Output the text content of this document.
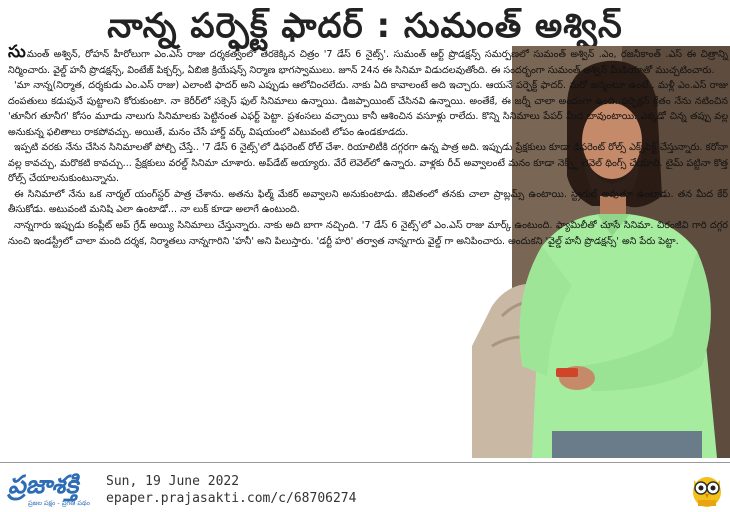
నాన్న పర్ఫెక్ట్ ఫాదర్ : సుమంత్ అశ్విన్

సుమంత్ అశ్విన్, రోహన్ హీరోలుగా ఎం.ఎస్ రాజు దర్శకత్వంలో తెరకెక్కిన చిత్రం '7 డేస్ 6 నైట్స్'. సుమంత్ ఆర్ట్ ప్రొడక్షన్స్ సమర్పణలో సుమంత్ అశ్విన్ .ఎం, రజనీకాంత్ .ఎస్ ఈ చిత్రాన్ని నిర్మించారు. వైల్డ్ హనీ ప్రొడక్షన్స్, వింటేజ్ పిక్చర్స్, ఏబిజి క్రియేషన్స్ నిర్మాణ భాగస్వాములు. జూన్ 24న ఈ సినిమా విడుదలవుతోంది. ఈ సందర్భంగా సుమంత్ అశ్విన్ మీడియాతో ముచ్చటించారు.

'మా నాన్న(నిర్మాత, దర్శకుడు ఎం.ఎస్ రాజు) ఎలాంటి ఫాదర్ అని ఎప్పుడు ఆలోచించలేదు. నాకు ఏది కావాలంటే అది ఇచ్చారు. ఆయనే పర్ఫెక్ట్ ఫాదర్. మరో జన్మంటూ ఉంటే.. మళ్లీ ఎం.ఎస్ రాజు దంపతులు కడుపునే పుట్టాలని కోరుకుంటా. నా కెరీర్‌లో సక్సెస్ ఫుల్ సినిమాలు ఉన్నాయి. డిజప్పాయింట్ చేసినవి ఉన్నాయి. అంతేకే, ఈ జర్నీ చాలా అందంగా ఉంది. పర్ఫెక్షన్ క్రేతం నేను నటించిన 'తూనీగ తూనీగ' కోసం మూడు నాలుగు సినిమాలకు పెట్టినంత ఎఫర్ట్ పెట్టా. ప్రశంసలు వచ్చాయి కానీ ఆశించిన వసూళ్లు రాలేదు. కొన్ని సినిమాలు పేపర్ మీద బావుంటాయి. ఎక్కడో చిన్న తప్పు వల్ల అనుకున్న ఫలితాలు రాకపోవచ్చు. అయితే, మనం చేసే హార్డ్ వర్క్ విషయంలో ఎటువంటి లోపం ఉండకూడదు.

ఇప్పటి వరకు నేను చేసిన సినిమాలతో పోల్చి చేస్తే.. '7 డేస్ 6 నైట్స్'లో డిఫరెంట్ రోల్ చేశా. రియాలిటీకి దగ్గరగా ఉన్న పాత్ర అది. ఇప్పుడు ప్రేక్షకులు కూడా డిఫరెంట్ రోల్స్ ఎక్స్‌పెక్ట్ చేస్తున్నారు. కరోనా వల్ల కావచ్చు, మరొకటి కావచ్చు... ప్రేక్షకులు వరల్డ్ సినిమా చూశారు. అప్‌డేట్ అయ్యారు. వేరే లెవెల్‌లో ఉన్నారు. వాళ్లకు రీచ్ అవ్వాలంటే మనం కూడా నెక్స్ట్ లెవెల్ థింగ్స్ చేయాలి. టైమ్ పట్టినా కొత్త రోల్స్ చేయాలనుకుంటున్నాను.

ఈ సినిమాలో నేను ఒక నార్మల్ యంగ్‌స్టర్ పాత్ర చేశాను. అతను ఫిల్మ్ మేకర్ అవ్వాలని అనుకుంటాడు. జీవితంలో తనకు చాలా ప్రాబ్లమ్స్ ఉంటాయి. స్ట్రగుల్ అవుతూ ఉంటాడు. తన మీద కేర్ తీసుకోడు. అటువంటి మనిషి ఎలా ఉంటాడో... నా లుక్ కూడా అలాగే ఉంటుంది.

నాన్నగారు ఇప్పుడు కంప్లీట్ అప్ గ్రేడ్ అయ్యి సినిమాలు చేస్తున్నారు. నాకు అది బాగా నచ్చింది. '7 డేస్ 6 నైట్స్'లో ఎం.ఎస్ రాజు మార్క్ ఉంటుంది. ఫ్యామిలీతో చూసే సినిమా. చిరంజీవి గారి దగ్గర నుంచి ఇండస్ట్రీలో చాలా మంది దర్శక, నిర్మాతలు నాన్నగారిని 'హనీ' అని పిలుస్తారు. 'డర్టీ హరి' తర్వాత నాన్నగారు వైల్డ్ గా అనిపించారు. అందుకని 'వైల్డ్ హనీ ప్రొడక్షన్స్' అని పేరు పెట్టా.

ప్రజాశక్తి
ప్రజల పక్షం - ప్రగతి పథం
Sun, 19 June 2022
epaper.prajasakti.com/c/68706274
